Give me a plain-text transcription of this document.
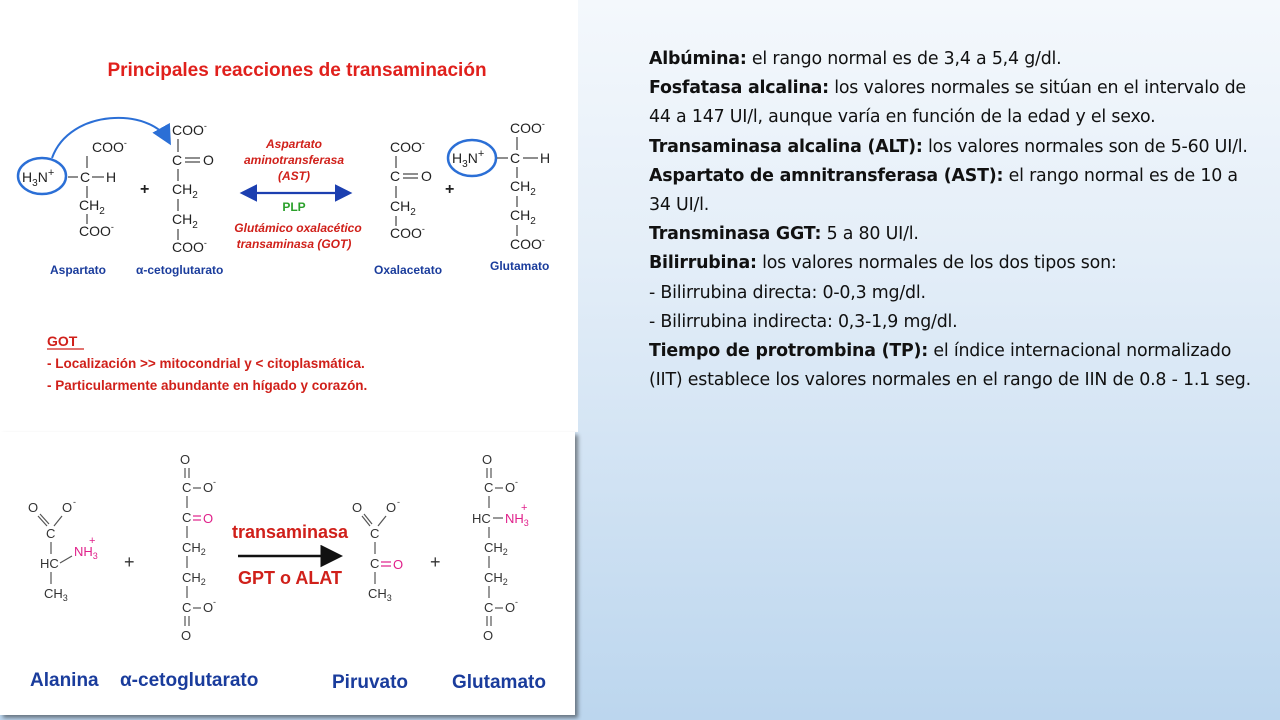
Principales reacciones de transaminación
COO-
$H_3N^+$ C H
$CH_2$
COO-
Aspartato
+
COO-
C O
$CH_2$
$CH_2$
COO-
α-cetoglutarato
Aspartato
aminotransferasa
(AST)
PLP
Glutámico oxalacético
transaminasa (GOT)
COO-
C O
$CH_2$
COO-
Oxalacetato
+
COO-
$H_3N^+$ C H
$CH_2$
$CH_2$
COO-
Glutamato
GOT
- Localización >> mitocondrial y < citoplasmática.
- Particularmente abundante en hígado y corazón.
O O -
C
HC
$NH_3$
+
$CH_3$
Alanina
+
O
C O -
C O
$CH_2$
$CH_2$
C O -
O
α-cetoglutarato
transaminasa
GPT o ALAT
O O -
C
C O
$CH_3$
Piruvato
+
O
C O -
HC $NH_3$
+
$CH_2$
$CH_2$
C O -
O
Glutamato

Albúmina: el rango normal es de 3,4 a 5,4 g/dl.

Fosfatasa alcalina: los valores normales se sitúan en el intervalo de 44 a 147 UI/l, aunque varía en función de la edad y el sexo.

Transaminasa alcalina (ALT): los valores normales son de 5-60 UI/l.

Aspartato de amnitransferasa (AST): el rango normal es de 10 a 34 UI/l.

Transminasa GGT: 5 a 80 UI/l.

Bilirrubina: los valores normales de los dos tipos son:

- Bilirrubina directa: 0-0,3 mg/dl.

- Bilirrubina indirecta: 0,3-1,9 mg/dl.

Tiempo de protrombina (TP): el índice internacional normalizado (IIT) establece los valores normales en el rango de IIN de 0.8 - 1.1 seg.
